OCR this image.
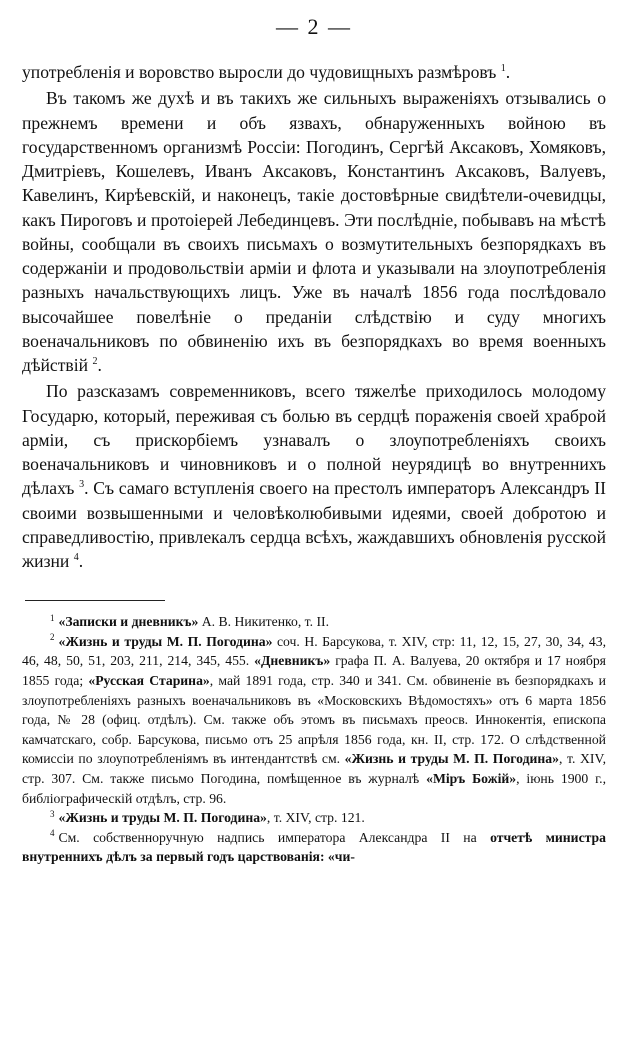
— 2 —

употребленія и воровство выросли до чудовищныхъ размѣровъ $^1$.

Въ такомъ же духѣ и въ такихъ же сильныхъ выраженіяхъ отзывались о прежнемъ времени и объ язвахъ, обнаруженныхъ войною въ государственномъ организмѣ Россіи: Погодинъ, Сергѣй Аксаковъ, Хомяковъ, Дмитріевъ, Кошелевъ, Иванъ Аксаковъ, Константинъ Аксаковъ, Валуевъ, Кавелинъ, Кирѣевскій, и наконецъ, такіе достовѣрные свидѣтели-очевидцы, какъ Пироговъ и протоіерей Лебединцевъ. Эти послѣдніе, побывавъ на мѣстѣ войны, сообщали въ своихъ письмахъ о возмутительныхъ безпорядкахъ въ содержаніи и продовольствіи арміи и флота и указывали на злоупотребленія разныхъ начальствующихъ лицъ. Уже въ началѣ 1856 года послѣдовало высочайшее повелѣніе о преданіи слѣдствію и суду многихъ военачальниковъ по обвиненію ихъ въ безпорядкахъ во время военныхъ дѣйствій $^2$.

По разсказамъ современниковъ, всего тяжелѣе приходилось молодому Государю, который, переживая съ болью въ сердцѣ пораженія своей храброй арміи, съ прискорбіемъ узнавалъ о злоупотребленіяхъ своихъ военачальниковъ и чиновниковъ и о полной неурядицѣ во внутреннихъ дѣлахъ $^3$. Съ самаго вступленія своего на престолъ императоръ Александръ II своими возвышенными и человѣколюбивыми идеями, своей добротою и справедливостію, привлекалъ сердца всѣхъ, жаждавшихъ обновленія русской жизни $^4$.

$^1$ «Записки и дневникъ» А. В. Никитенко, т. II.

$^2$ «Жизнь и труды М. П. Погодина» соч. Н. Барсукова, т. XIV, стр: 11, 12, 15, 27, 30, 34, 43, 46, 48, 50, 51, 203, 211, 214, 345, 455. «Дневникъ» графа П. А. Валуева, 20 октября и 17 ноября 1855 года; «Русская Старина», май 1891 года, стр. 340 и 341. См. обвиненіе въ безпорядкахъ и злоупотребленіяхъ разныхъ военачальниковъ въ «Московскихъ Вѣдомостяхъ» отъ 6 марта 1856 года, № 28 (офиц. отдѣлъ). См. также объ этомъ въ письмахъ преосв. Иннокентія, епископа камчатскаго, собр. Барсукова, письмо отъ 25 апрѣля 1856 года, кн. II, стр. 172. О слѣдственной комиссіи по злоупотребленіямъ въ интендантствѣ см. «Жизнь и труды М. П. Погодина», т. XIV, стр. 307. См. также письмо Погодина, помѣщенное въ журналѣ «Міръ Божій», іюнь 1900 г., библіографическій отдѣлъ, стр. 96.

$^3$ «Жизнь и труды М. П. Погодина», т. XIV, стр. 121.

$^4$ См. собственноручную надпись императора Александра II на отчетѣ министра внутреннихъ дѣлъ за первый годъ царствованія: «чи-
